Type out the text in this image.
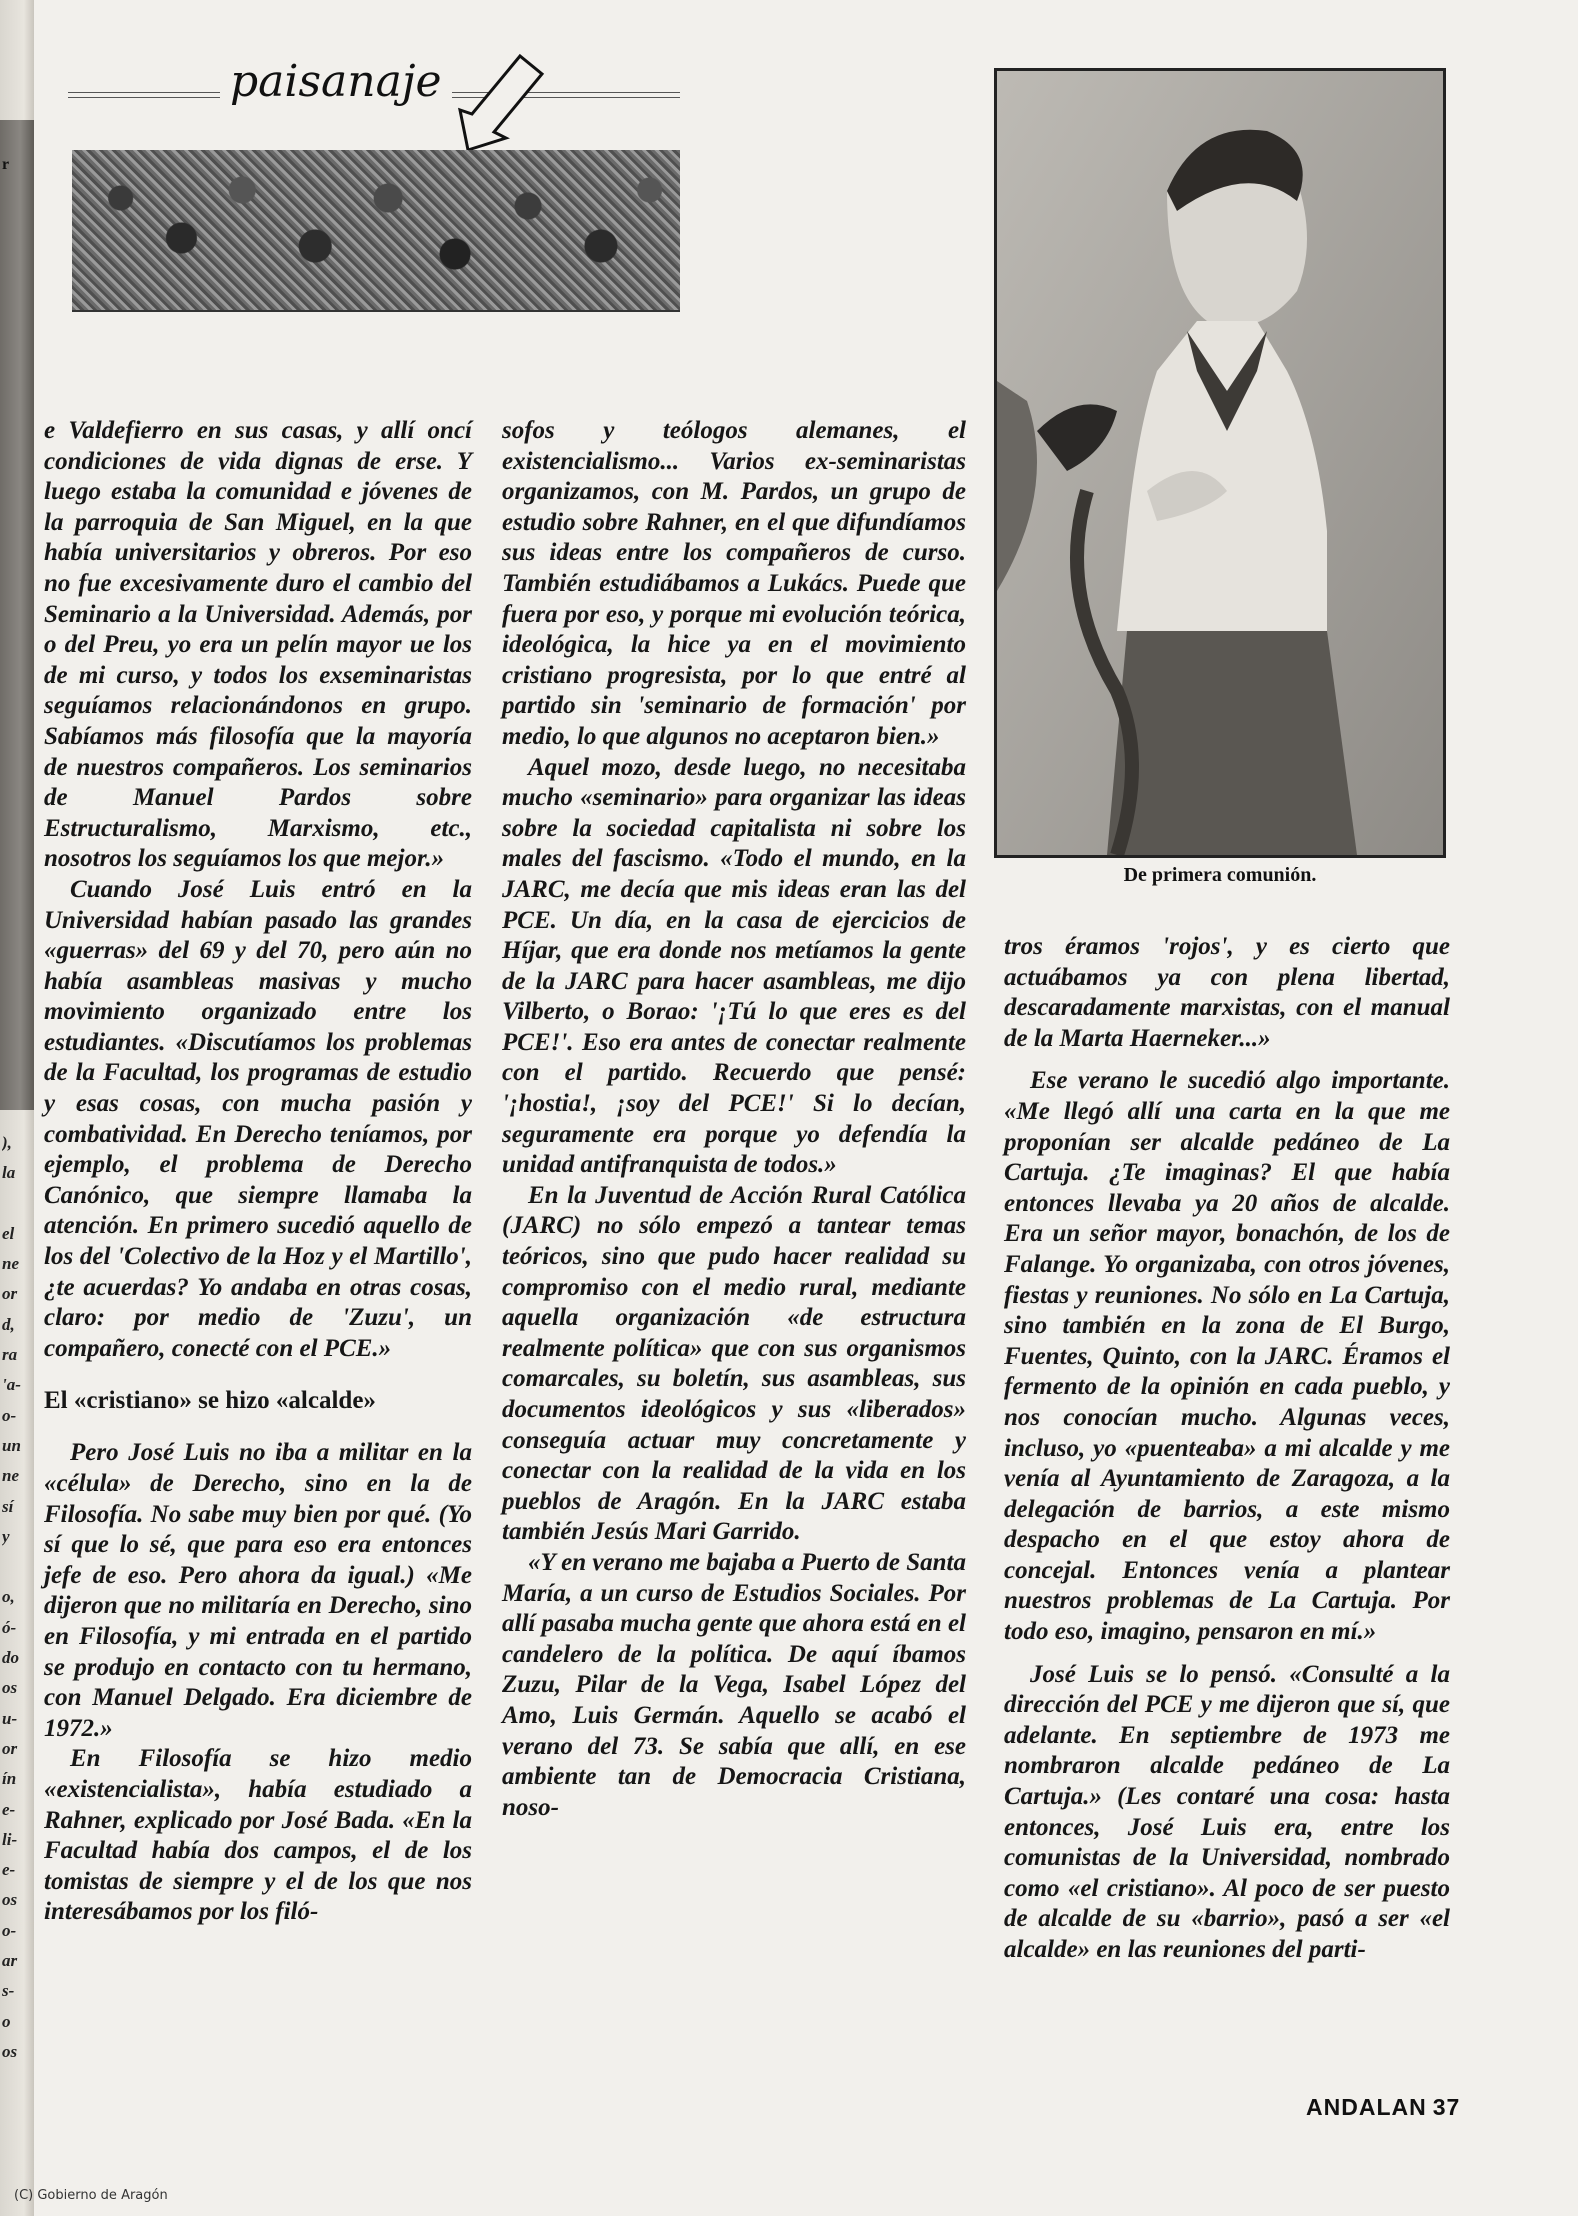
r
),
la

el
ne
or
d,
ra
'a-
o-
un
ne
sí
y

o,
ó-
do
os
u-
or
ín
e-
li-
e-
os
o-
ar
s-
o
os
paisanaje
De primera comunión.

e Valdefierro en sus casas, y allí oncí condiciones de vida dignas de erse. Y luego estaba la comunidad e jóvenes de la parroquia de San Miguel, en la que había universitarios y obreros. Por eso no fue excesivamente duro el cambio del Seminario a la Universidad. Además, por o del Preu, yo era un pelín mayor ue los de mi curso, y todos los exseminaristas seguíamos relacionándonos en grupo. Sabíamos más filosofía que la mayoría de nuestros compañeros. Los seminarios de Manuel Pardos sobre Estructuralismo, Marxismo, etc., nosotros los seguíamos los que mejor.»

Cuando José Luis entró en la Universidad habían pasado las grandes «guerras» del 69 y del 70, pero aún no había asambleas masivas y mucho movimiento organizado entre los estudiantes. «Discutíamos los problemas de la Facultad, los programas de estudio y esas cosas, con mucha pasión y combatividad. En Derecho teníamos, por ejemplo, el problema de Derecho Canónico, que siempre llamaba la atención. En primero sucedió aquello de los del 'Colectivo de la Hoz y el Martillo', ¿te acuerdas? Yo andaba en otras cosas, claro: por medio de 'Zuzu', un compañero, conecté con el PCE.»

El «cristiano» se hizo «alcalde»

Pero José Luis no iba a militar en la «célula» de Derecho, sino en la de Filosofía. No sabe muy bien por qué. (Yo sí que lo sé, que para eso era entonces jefe de eso. Pero ahora da igual.) «Me dijeron que no militaría en Derecho, sino en Filosofía, y mi entrada en el partido se produjo en contacto con tu hermano, con Manuel Delgado. Era diciembre de 1972.»

En Filosofía se hizo medio «existencialista», había estudiado a Rahner, explicado por José Bada. «En la Facultad había dos campos, el de los tomistas de siempre y el de los que nos interesábamos por los filó-

sofos y teólogos alemanes, el existencialismo... Varios ex-seminaristas organizamos, con M. Pardos, un grupo de estudio sobre Rahner, en el que difundíamos sus ideas entre los compañeros de curso. También estudiábamos a Lukács. Puede que fuera por eso, y porque mi evolución teórica, ideológica, la hice ya en el movimiento cristiano progresista, por lo que entré al partido sin 'seminario de formación' por medio, lo que algunos no aceptaron bien.»

Aquel mozo, desde luego, no necesitaba mucho «seminario» para organizar las ideas sobre la sociedad capitalista ni sobre los males del fascismo. «Todo el mundo, en la JARC, me decía que mis ideas eran las del PCE. Un día, en la casa de ejercicios de Híjar, que era donde nos metíamos la gente de la JARC para hacer asambleas, me dijo Vilberto, o Borao: '¡Tú lo que eres es del PCE!'. Eso era antes de conectar realmente con el partido. Recuerdo que pensé: '¡hostia!, ¡soy del PCE!' Si lo decían, seguramente era porque yo defendía la unidad antifranquista de todos.»

En la Juventud de Acción Rural Católica (JARC) no sólo empezó a tantear temas teóricos, sino que pudo hacer realidad su compromiso con el medio rural, mediante aquella organización «de estructura realmente política» que con sus organismos comarcales, su boletín, sus asambleas, sus documentos ideológicos y sus «liberados» conseguía actuar muy concretamente y conectar con la realidad de la vida en los pueblos de Aragón. En la JARC estaba también Jesús Mari Garrido.

«Y en verano me bajaba a Puerto de Santa María, a un curso de Estudios Sociales. Por allí pasaba mucha gente que ahora está en el candelero de la política. De aquí íbamos Zuzu, Pilar de la Vega, Isabel López del Amo, Luis Germán. Aquello se acabó el verano del 73. Se sabía que allí, en ese ambiente tan de Democracia Cristiana, noso-

tros éramos 'rojos', y es cierto que actuábamos ya con plena libertad, descaradamente marxistas, con el manual de la Marta Haerneker...»

Ese verano le sucedió algo importante. «Me llegó allí una carta en la que me proponían ser alcalde pedáneo de La Cartuja. ¿Te imaginas? El que había entonces llevaba ya 20 años de alcalde. Era un señor mayor, bonachón, de los de Falange. Yo organizaba, con otros jóvenes, fiestas y reuniones. No sólo en La Cartuja, sino también en la zona de El Burgo, Fuentes, Quinto, con la JARC. Éramos el fermento de la opinión en cada pueblo, y nos conocían mucho. Algunas veces, incluso, yo «puenteaba» a mi alcalde y me venía al Ayuntamiento de Zaragoza, a la delegación de barrios, a este mismo despacho en el que estoy ahora de concejal. Entonces venía a plantear nuestros problemas de La Cartuja. Por todo eso, imagino, pensaron en mí.»

José Luis se lo pensó. «Consulté a la dirección del PCE y me dijeron que sí, que adelante. En septiembre de 1973 me nombraron alcalde pedáneo de La Cartuja.» (Les contaré una cosa: hasta entonces, José Luis era, entre los comunistas de la Universidad, nombrado como «el cristiano». Al poco de ser puesto de alcalde de su «barrio», pasó a ser «el alcalde» en las reuniones del parti-

ANDALAN 37
(C) Gobierno de Aragón
